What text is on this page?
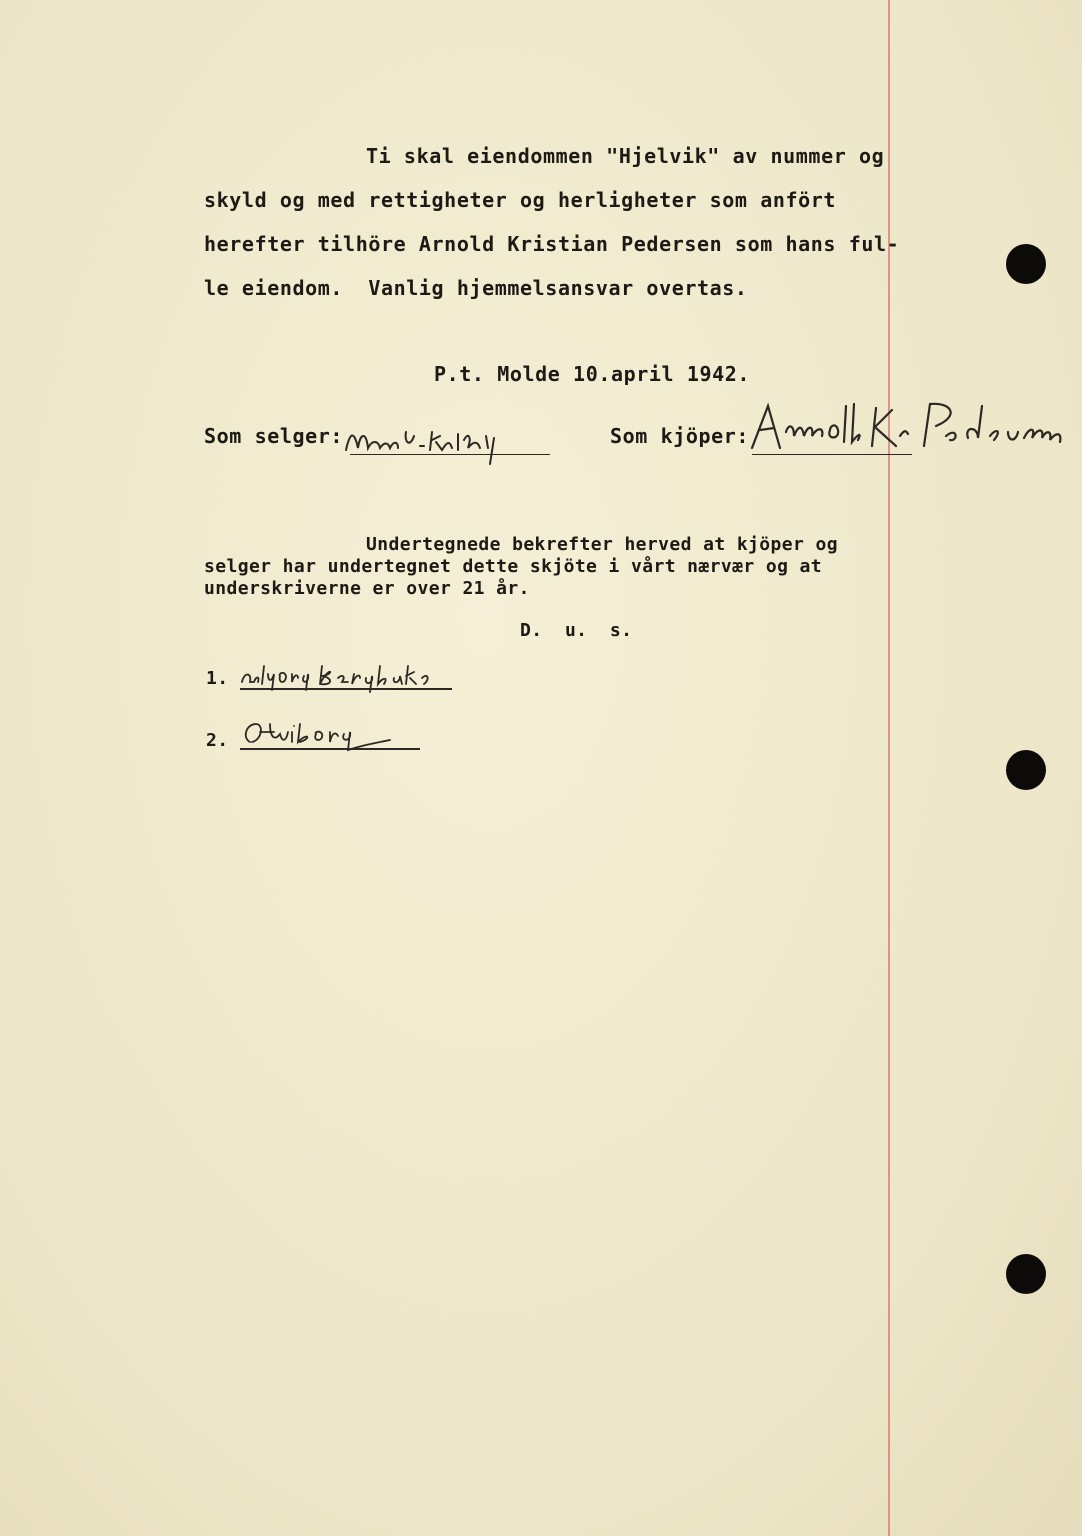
Ti skal eiendommen "Hjelvik" av nummer og
skyld og med rettigheter og herligheter som anfört
herefter tilhöre Arnold Kristian Pedersen som hans ful-
le eiendom.  Vanlig hjemmelsansvar overtas.
P.t. Molde 10.april 1942.
Som selger:	Som kjöper:
Undertegnede bekrefter herved at kjöper og
selger har undertegnet dette skjöte i vårt nærvær og at
underskriverne er over 21 år.
D.  u.  s.
1.
2.
